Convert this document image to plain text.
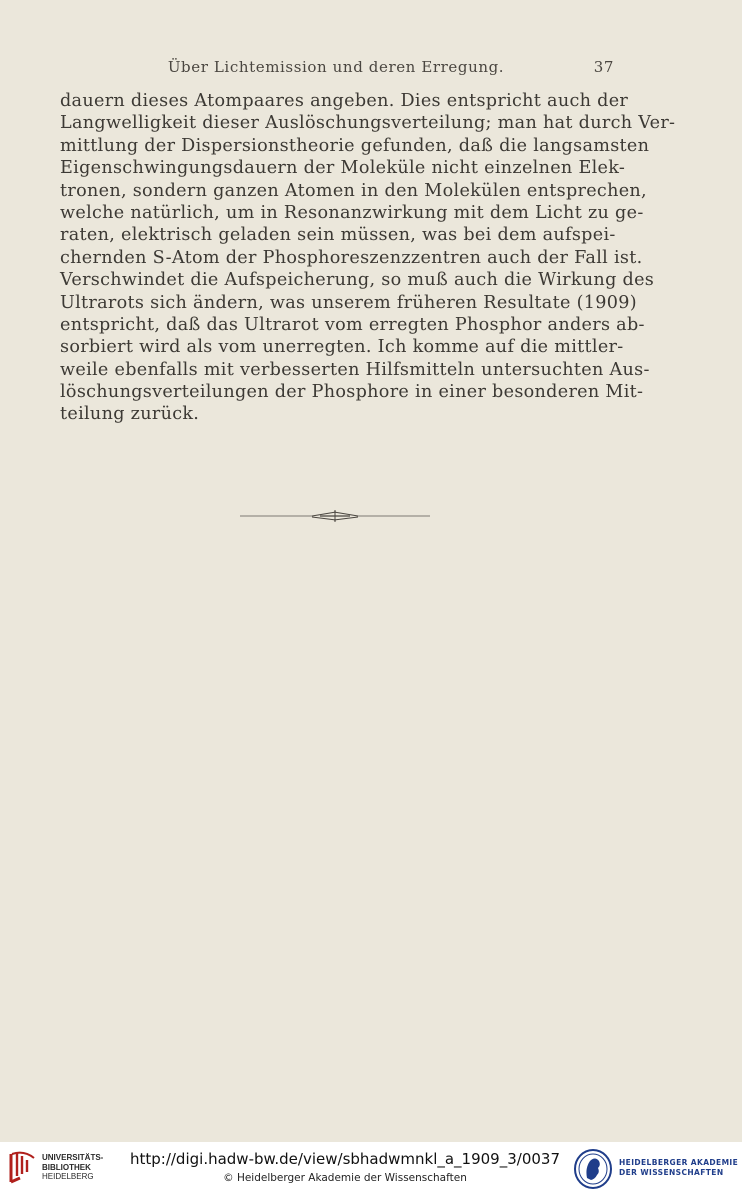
Über Lichtemission und deren Erregung.	37
dauern dieses Atompaares angeben. Dies entspricht auch der
Langwelligkeit dieser Auslöschungsverteilung; man hat durch Ver-
mittlung der Dispersionstheorie gefunden, daß die langsamsten
Eigenschwingungsdauern der Moleküle nicht einzelnen Elek-
tronen, sondern ganzen Atomen in den Molekülen entsprechen,
welche natürlich, um in Resonanzwirkung mit dem Licht zu ge-
raten, elektrisch geladen sein müssen, was bei dem aufspei-
chernden S-Atom der Phosphoreszenzzentren auch der Fall ist.
Verschwindet die Aufspeicherung, so muß auch die Wirkung des
Ultrarots sich ändern, was unserem früheren Resultate (1909)
entspricht, daß das Ultrarot vom erregten Phosphor anders ab-
sorbiert wird als vom unerregten. Ich komme auf die mittler-
weile ebenfalls mit verbesserten Hilfsmitteln untersuchten Aus-
löschungsverteilungen der Phosphore in einer besonderen Mit-
teilung zurück.
UNIVERSITÄTS-
BIBLIOTHEK
HEIDELBERG
http://digi.hadw-bw.de/view/sbhadwmnkl_a_1909_3/0037
© Heidelberger Akademie der Wissenschaften
HEIDELBERGER AKADEMIE
DER WISSENSCHAFTEN
